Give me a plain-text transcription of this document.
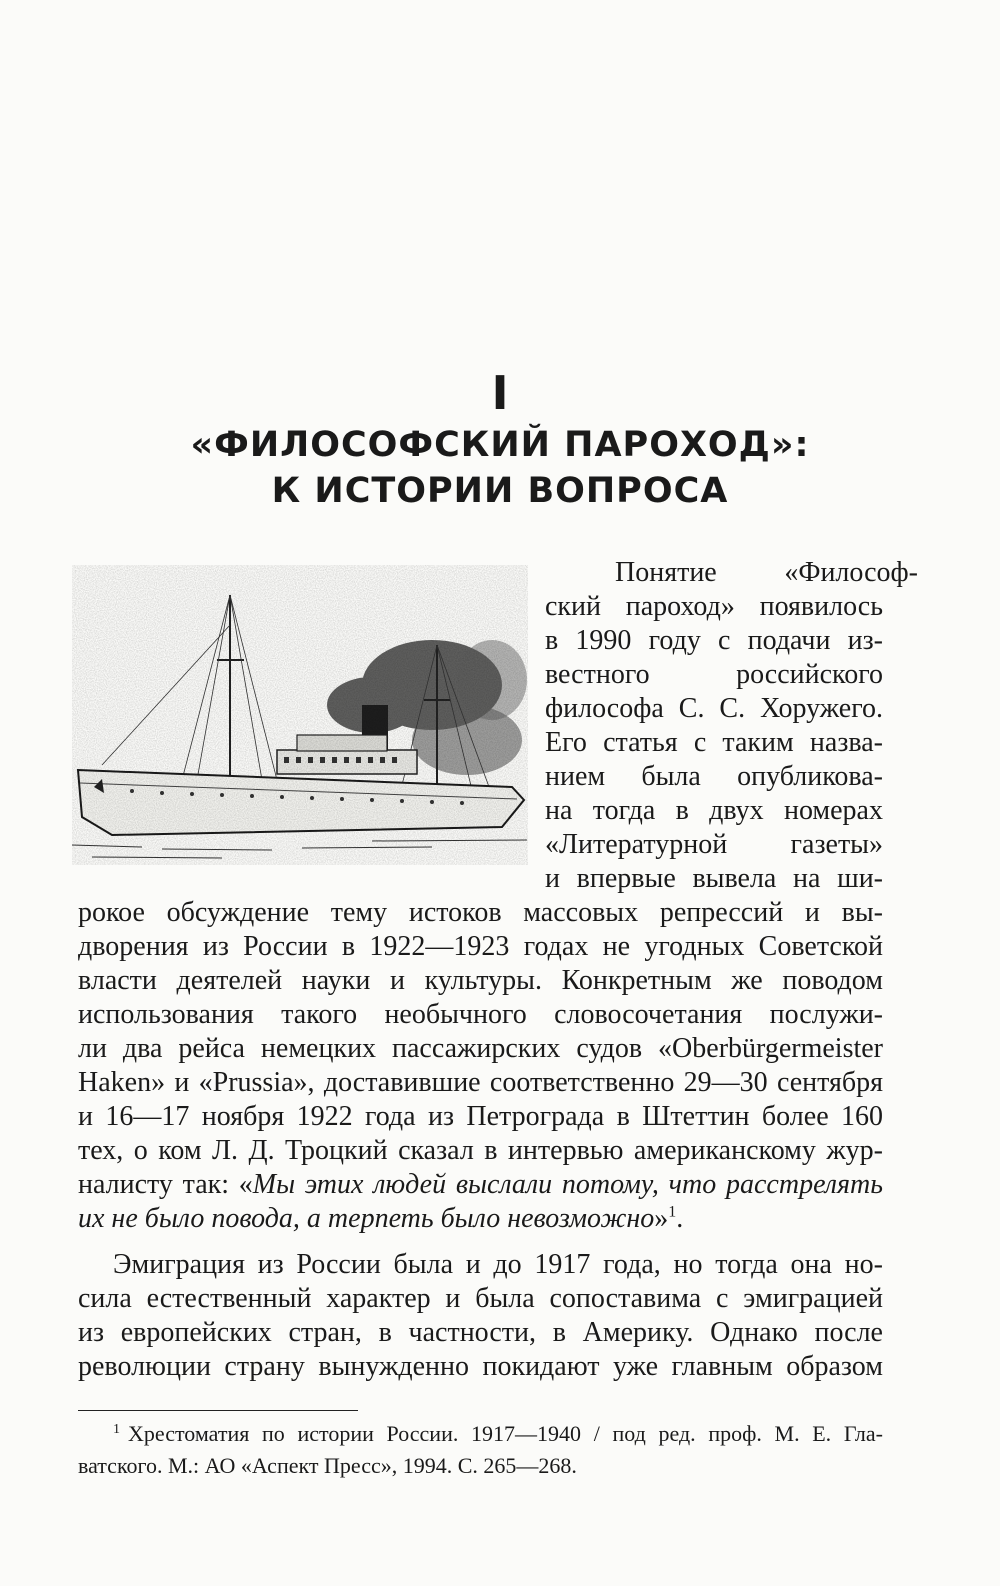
I
«ФИЛОСОФСКИЙ ПАРОХОД»:
К ИСТОРИИ ВОПРОСА
Понятие «Философ-
ский пароход» появилось
в 1990 году с подачи из-
вестного российского
философа С. С. Хоружего.
Его статья с таким назва-
нием была опубликова-
на тогда в двух номерах
«Литературной газеты»
и впервые вывела на ши-
рокое обсуждение тему истоков массовых репрессий и вы-
дворения из России в 1922—1923 годах не угодных Советской
власти деятелей науки и культуры. Конкретным же поводом
использования такого необычного словосочетания послужи-
ли два рейса немецких пассажирских судов «Oberbürgermeister
Haken» и «Prussia», доставившие соответственно 29—30 сентября
и 16—17 ноября 1922 года из Петрограда в Штеттин более 160
тех, о ком Л. Д. Троцкий сказал в интервью американскому жур-
налисту так: «Мы этих людей выслали потому, что расстрелять
их не было повода, а терпеть было невозможно»$^1$.
Эмиграция из России была и до 1917 года, но тогда она но-
сила естественный характер и была сопоставима с эмиграцией
из европейских стран, в частности, в Америку. Однако после
революции страну вынужденно покидают уже главным образом
$^1$ Хрестоматия по истории России. 1917—1940 / под ред. проф. М. Е. Гла-
ватского. М.: АО «Аспект Пресс», 1994. С. 265—268.
